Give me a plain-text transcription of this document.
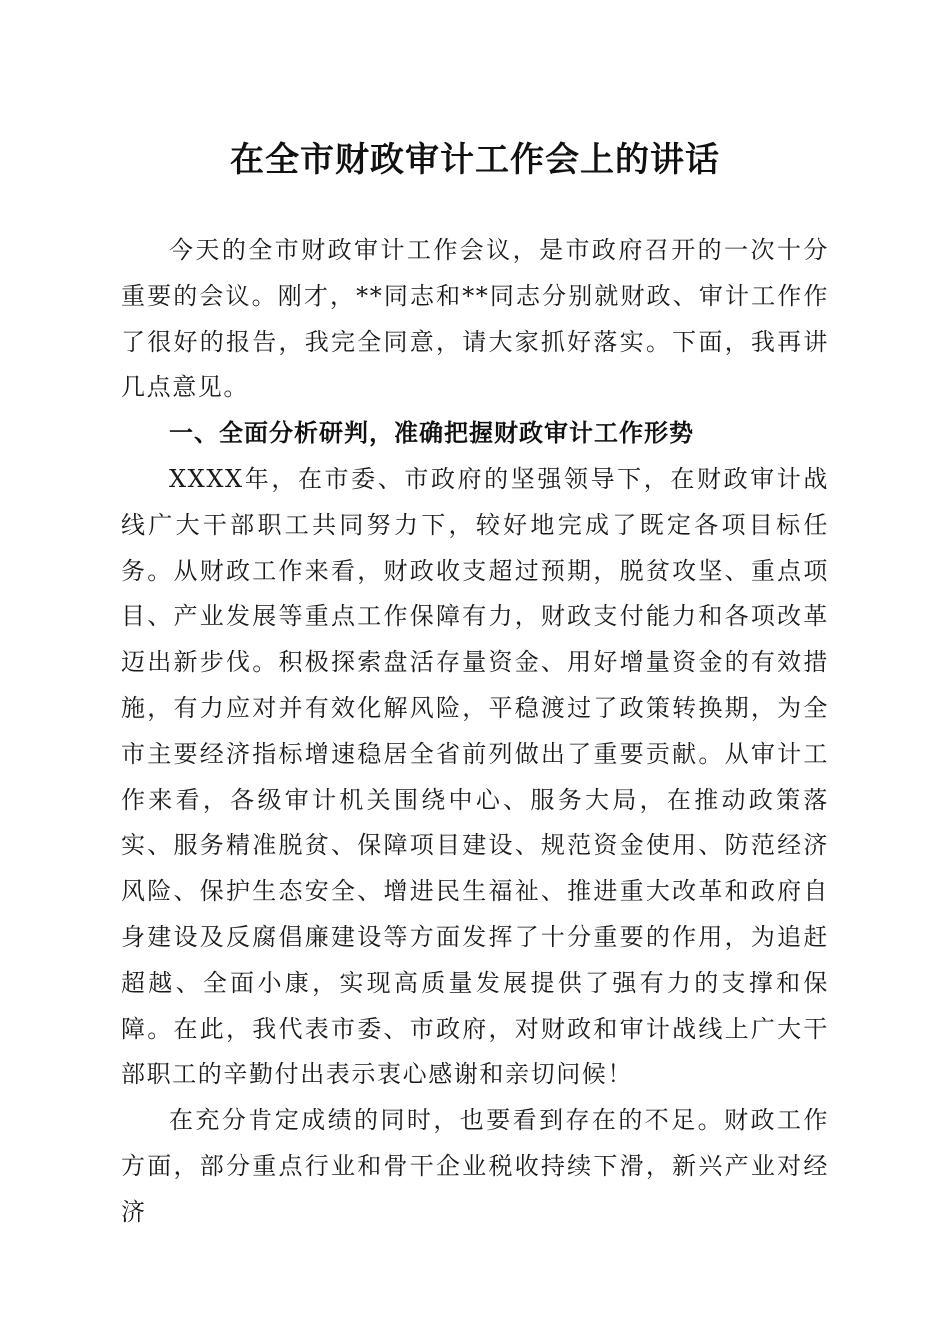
在全市财政审计工作会上的讲话

今天的全市财政审计工作会议，是市政府召开的一次十分重要的会议。刚才，**同志和**同志分别就财政、审计工作作了很好的报告，我完全同意，请大家抓好落实。下面，我再讲几点意见。

一、全面分析研判，准确把握财政审计工作形势

XXXX年，在市委、市政府的坚强领导下，在财政审计战线广大干部职工共同努力下，较好地完成了既定各项目标任务。从财政工作来看，财政收支超过预期，脱贫攻坚、重点项目、产业发展等重点工作保障有力，财政支付能力和各项改革迈出新步伐。积极探索盘活存量资金、用好增量资金的有效措施，有力应对并有效化解风险，平稳渡过了政策转换期，为全市主要经济指标增速稳居全省前列做出了重要贡献。从审计工作来看，各级审计机关围绕中心、服务大局，在推动政策落实、服务精准脱贫、保障项目建设、规范资金使用、防范经济风险、保护生态安全、增进民生福祉、推进重大改革和政府自身建设及反腐倡廉建设等方面发挥了十分重要的作用，为追赶超越、全面小康，实现高质量发展提供了强有力的支撑和保障。在此，我代表市委、市政府，对财政和审计战线上广大干部职工的辛勤付出表示衷心感谢和亲切问候！

在充分肯定成绩的同时，也要看到存在的不足。财政工作方面，部分重点行业和骨干企业税收持续下滑，新兴产业对经济
